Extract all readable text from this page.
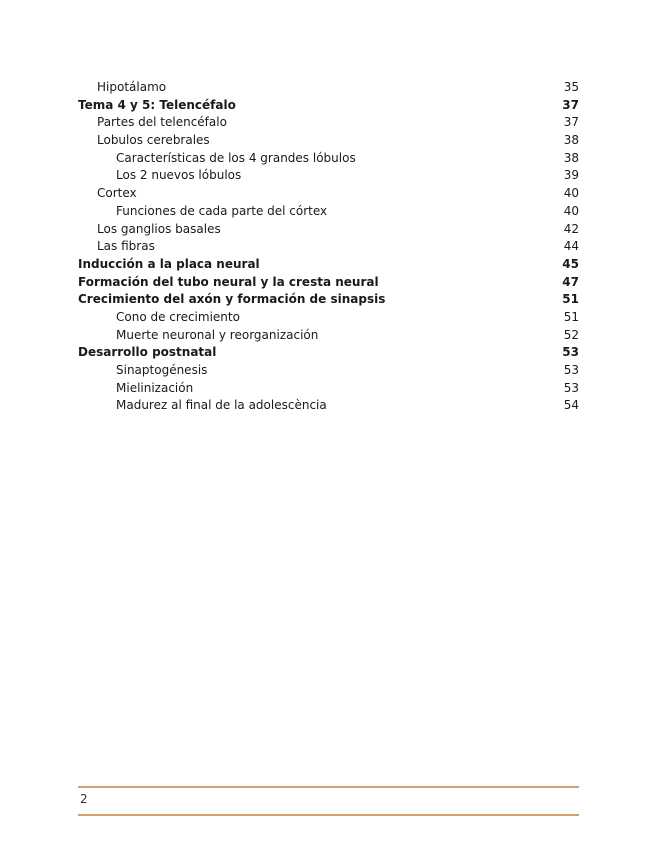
Hipotálamo	35
Tema 4 y 5: Telencéfalo	37
Partes del telencéfalo	37
Lobulos cerebrales	38
Características de los 4 grandes lóbulos	38
Los 2 nuevos lóbulos	39
Cortex	40
Funciones de cada parte del córtex	40
Los ganglios basales	42
Las fibras	44
Inducción a la placa neural	45
Formación del tubo neural y la cresta neural	47
Crecimiento del axón y formación de sinapsis	51
Cono de crecimiento	51
Muerte neuronal y reorganización	52
Desarrollo postnatal	53
Sinaptogénesis	53
Mielinización	53
Madurez al final de la adolescència	54
2
